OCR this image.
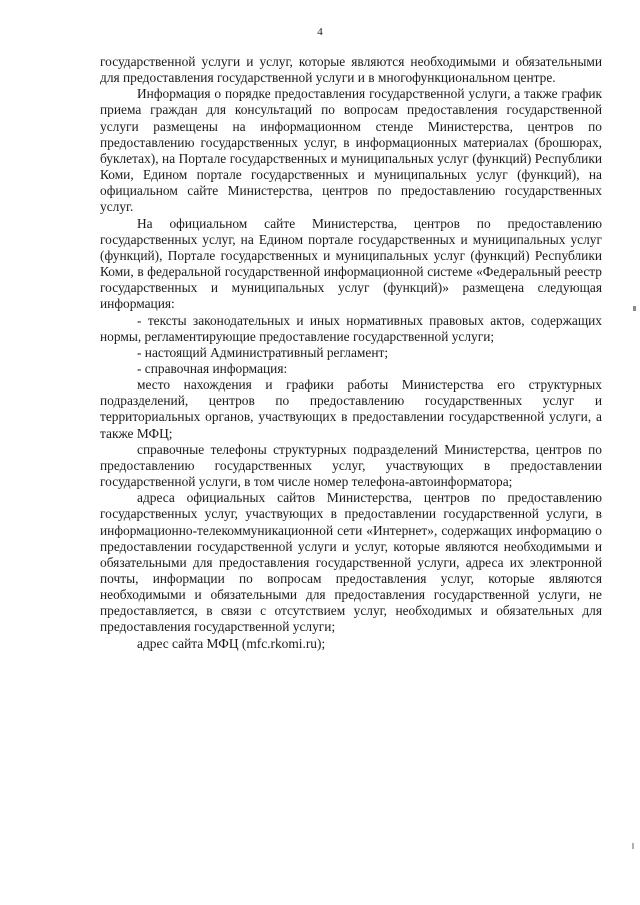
4

государственной услуги и услуг, которые являются необходимыми и обязательными для предоставления государственной услуги и в многофункциональном центре.

Информация о порядке предоставления государственной услуги, а также график приема граждан для консультаций по вопросам предоставления государственной услуги размещены на информационном стенде Министерства, центров по предоставлению государственных услуг, в информационных материалах (брошюрах, буклетах), на Портале государственных и муниципальных услуг (функций) Республики Коми, Едином портале государственных и муниципальных услуг (функций), на официальном сайте Министерства, центров по предоставлению государственных услуг.

На официальном сайте Министерства, центров по предоставлению государственных услуг, на Едином портале государственных и муниципальных услуг (функций), Портале государственных и муниципальных услуг (функций) Республики Коми, в федеральной государственной информационной системе «Федеральный реестр государственных и муниципальных услуг (функций)» размещена следующая информация:

- тексты законодательных и иных нормативных правовых актов, содержащих нормы, регламентирующие предоставление государственной услуги;

- настоящий Административный регламент;

- справочная информация:

место нахождения и графики работы Министерства его структурных подразделений, центров по предоставлению государственных услуг и территориальных органов, участвующих в предоставлении государственной услуги, а также МФЦ;

справочные телефоны структурных подразделений Министерства, центров по предоставлению государственных услуг, участвующих в предоставлении государственной услуги, в том числе номер телефона-автоинформатора;

адреса официальных сайтов Министерства, центров по предоставлению государственных услуг, участвующих в предоставлении государственной услуги, в информационно-телекоммуникационной сети «Интернет», содержащих информацию о предоставлении государственной услуги и услуг, которые являются необходимыми и обязательными для предоставления государственной услуги, адреса их электронной почты, информации по вопросам предоставления услуг, которые являются необходимыми и обязательными для предоставления государственной услуги, не предоставляется, в связи с отсутствием услуг, необходимых и обязательных для предоставления государственной услуги;

адрес сайта МФЦ (mfc.rkomi.ru);
